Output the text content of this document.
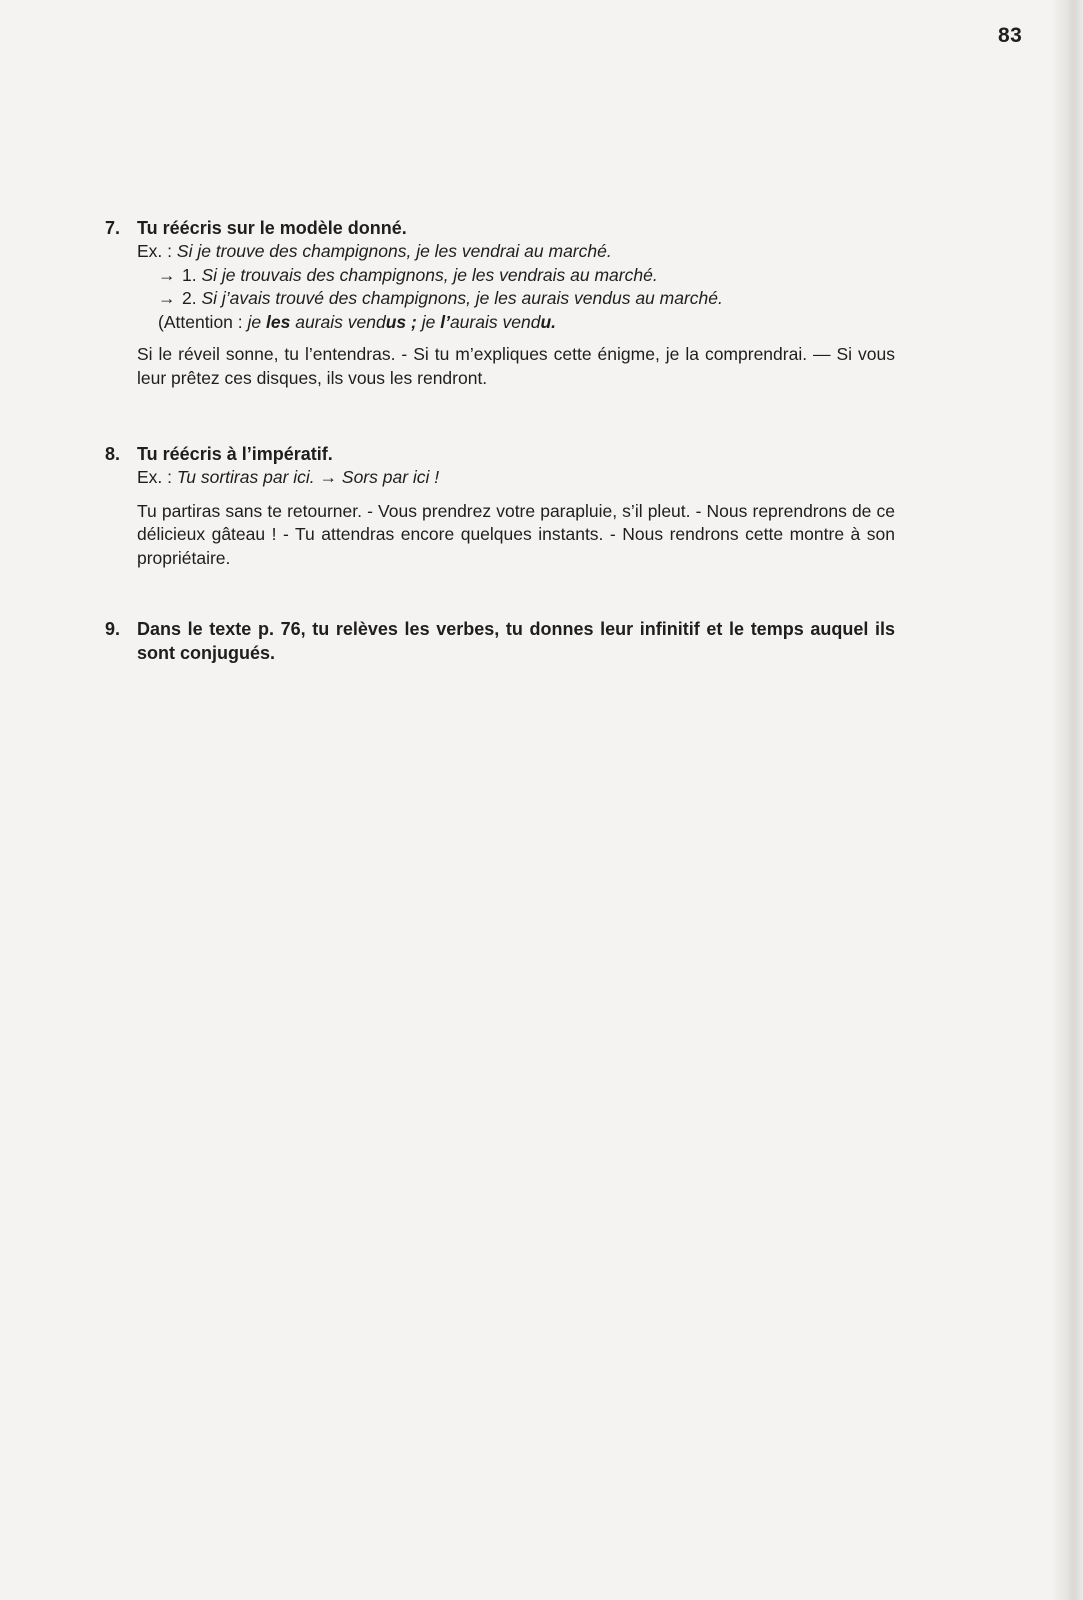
83
7. Tu réécris sur le modèle donné.
Ex. : Si je trouve des champignons, je les vendrai au marché.
→ 1. Si je trouvais des champignons, je les vendrais au marché.
→ 2. Si j’avais trouvé des champignons, je les aurais vendus au marché.
(Attention : je les aurais vendus ; je l’aurais vendu.
Si le réveil sonne, tu l’entendras. - Si tu m’expliques cette énigme, je la comprendrai. — Si vous leur prêtez ces disques, ils vous les rendront.
8. Tu réécris à l’impératif.
Ex. : Tu sortiras par ici. → Sors par ici !
Tu partiras sans te retourner. - Vous prendrez votre parapluie, s’il pleut. - Nous reprendrons de ce délicieux gâteau ! - Tu attendras encore quelques instants. - Nous rendrons cette montre à son propriétaire.
9. Dans le texte p. 76, tu relèves les verbes, tu donnes leur infinitif et le temps auquel ils sont conjugués.
